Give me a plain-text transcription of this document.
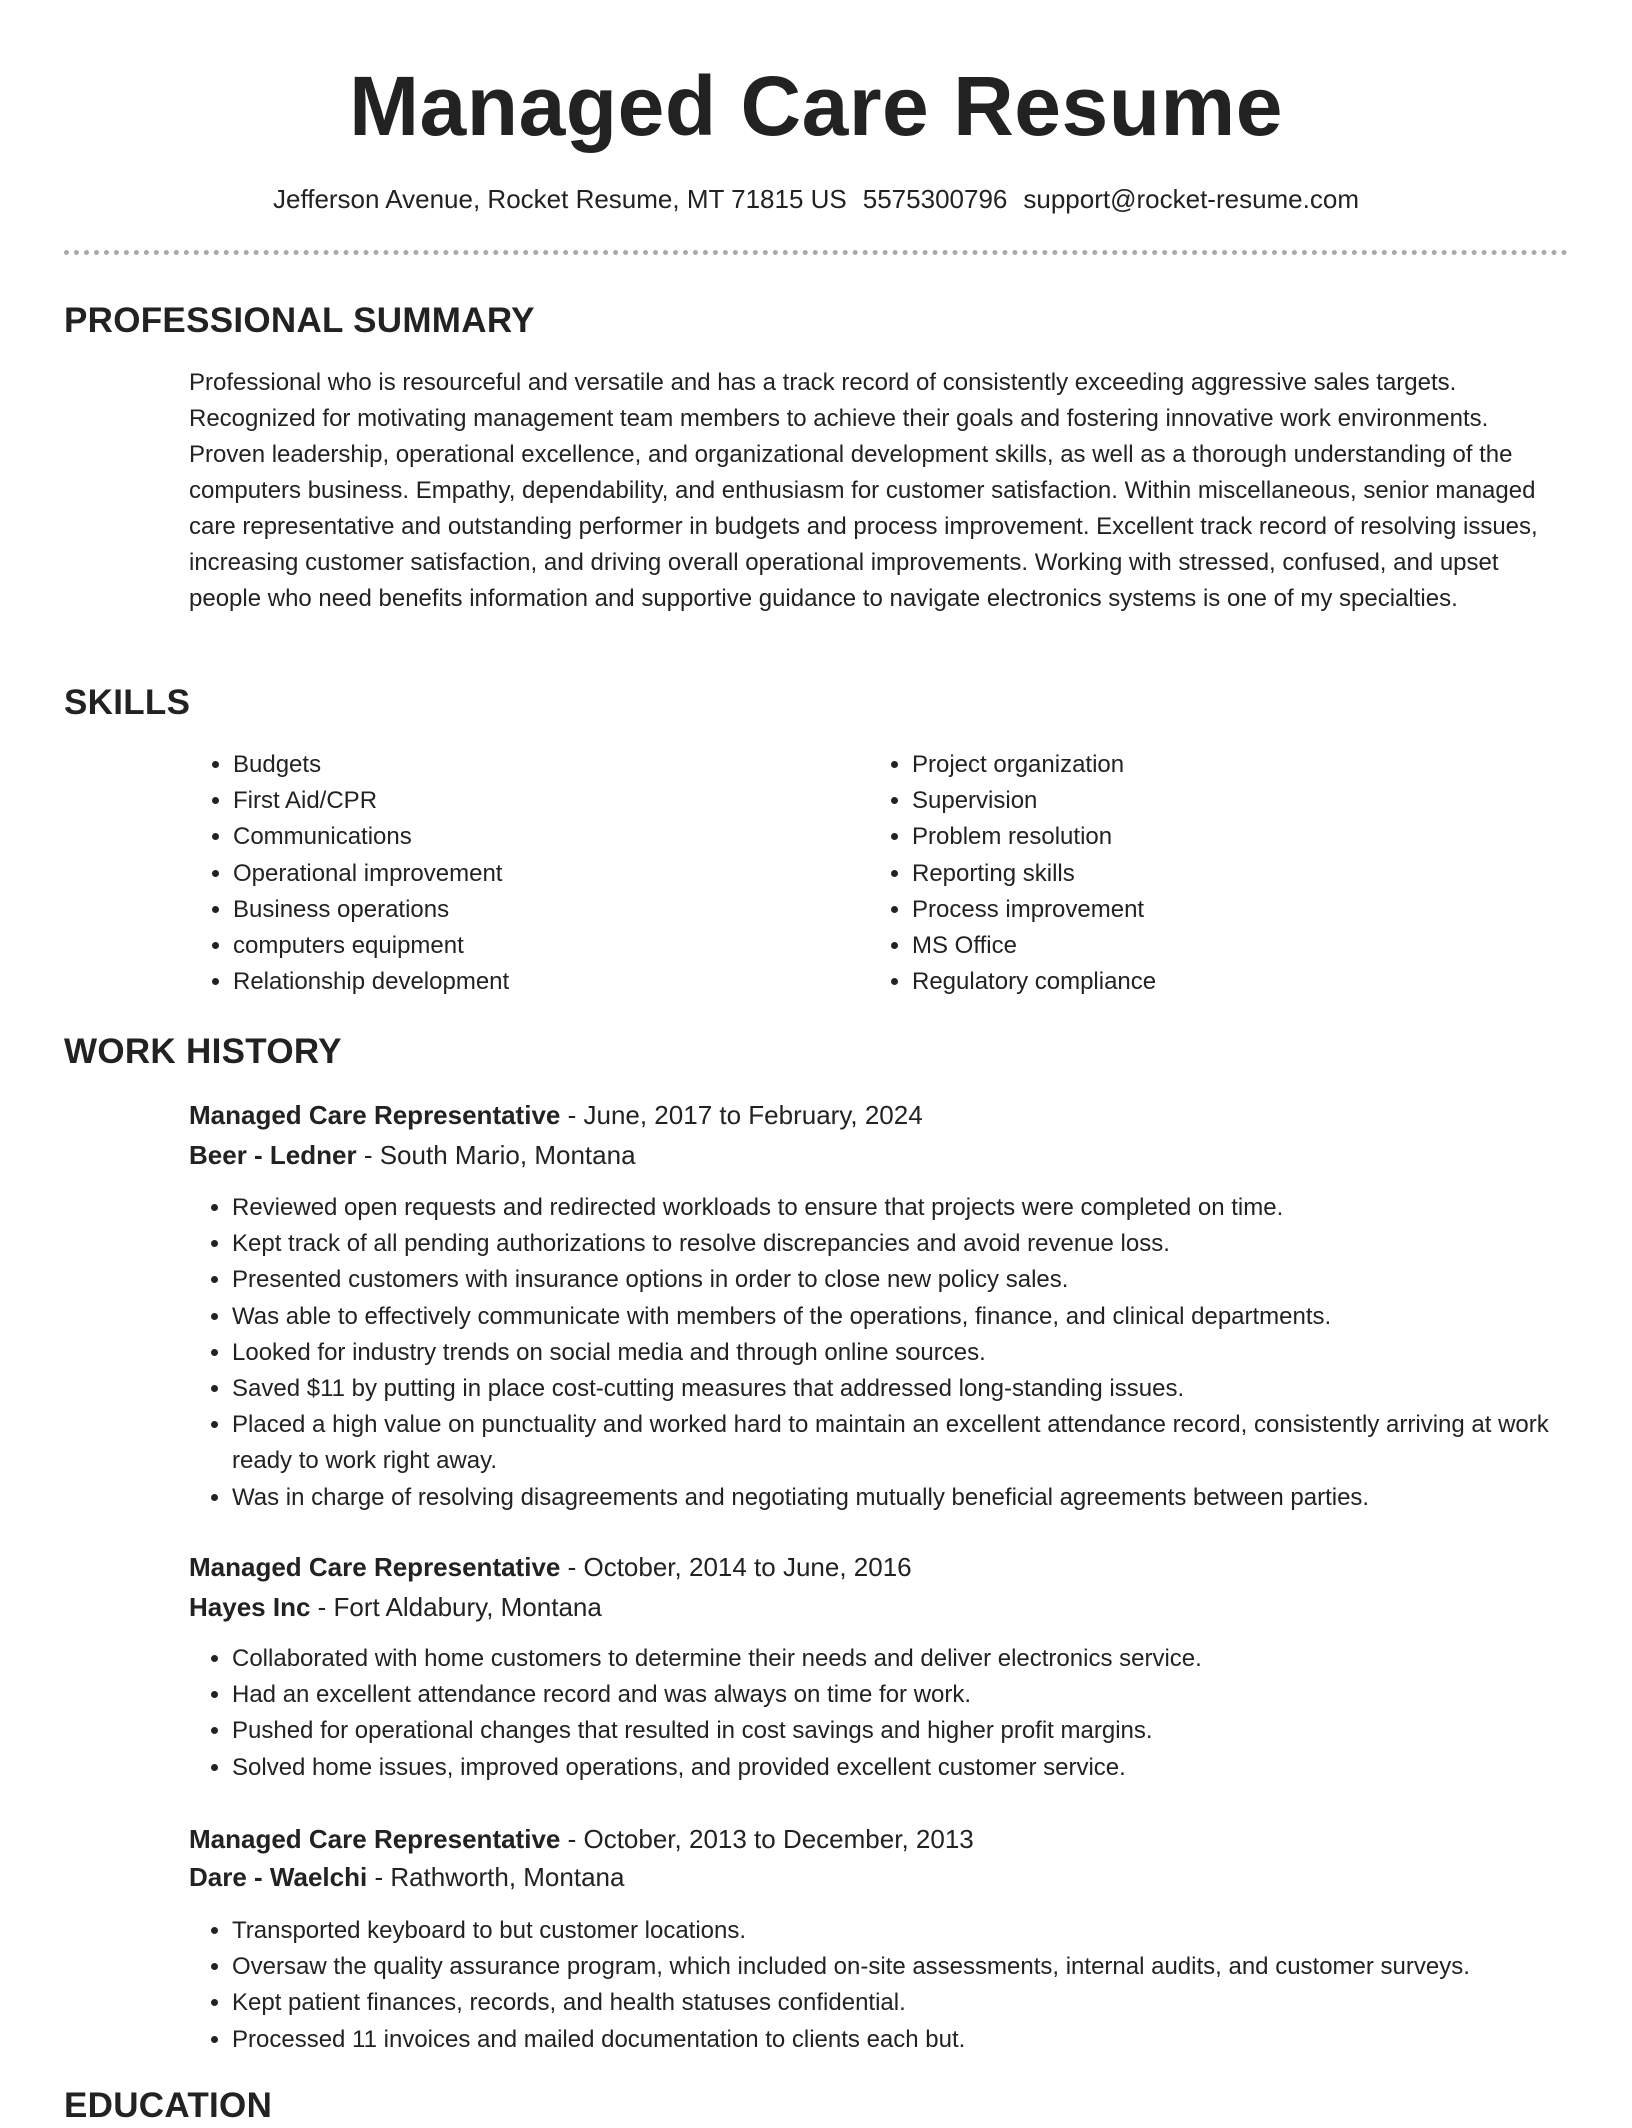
Managed Care Resume
Jefferson Avenue, Rocket Resume, MT 71815 US 5575300796 support@rocket-resume.com
PROFESSIONAL SUMMARY

Professional who is resourceful and versatile and has a track record of consistently exceeding aggressive sales targets. Recognized for motivating management team members to achieve their goals and fostering innovative work environments. Proven leadership, operational excellence, and organizational development skills, as well as a thorough understanding of the computers business. Empathy, dependability, and enthusiasm for customer satisfaction. Within miscellaneous, senior managed care representative and outstanding performer in budgets and process improvement. Excellent track record of resolving issues, increasing customer satisfaction, and driving overall operational improvements. Working with stressed, confused, and upset people who need benefits information and supportive guidance to navigate electronics systems is one of my specialties.

SKILLS
• Budgets
• First Aid/CPR
• Communications
• Operational improvement
• Business operations
• computers equipment
• Relationship development
• Project organization
• Supervision
• Problem resolution
• Reporting skills
• Process improvement
• MS Office
• Regulatory compliance
WORK HISTORY

Managed Care Representative - June, 2017 to February, 2024

Beer - Ledner - South Mario, Montana

• Reviewed open requests and redirected workloads to ensure that projects were completed on time.
• Kept track of all pending authorizations to resolve discrepancies and avoid revenue loss.
• Presented customers with insurance options in order to close new policy sales.
• Was able to effectively communicate with members of the operations, finance, and clinical departments.
• Looked for industry trends on social media and through online sources.
• Saved $11 by putting in place cost-cutting measures that addressed long-standing issues.
• Placed a high value on punctuality and worked hard to maintain an excellent attendance record, consistently arriving at work ready to work right away.
• Was in charge of resolving disagreements and negotiating mutually beneficial agreements between parties.

Managed Care Representative - October, 2014 to June, 2016

Hayes Inc - Fort Aldabury, Montana

• Collaborated with home customers to determine their needs and deliver electronics service.
• Had an excellent attendance record and was always on time for work.
• Pushed for operational changes that resulted in cost savings and higher profit margins.
• Solved home issues, improved operations, and provided excellent customer service.

Managed Care Representative - October, 2013 to December, 2013

Dare - Waelchi - Rathworth, Montana

• Transported keyboard to but customer locations.
• Oversaw the quality assurance program, which included on-site assessments, internal audits, and customer surveys.
• Kept patient finances, records, and health statuses confidential.
• Processed 11 invoices and mailed documentation to clients each but.
EDUCATION
